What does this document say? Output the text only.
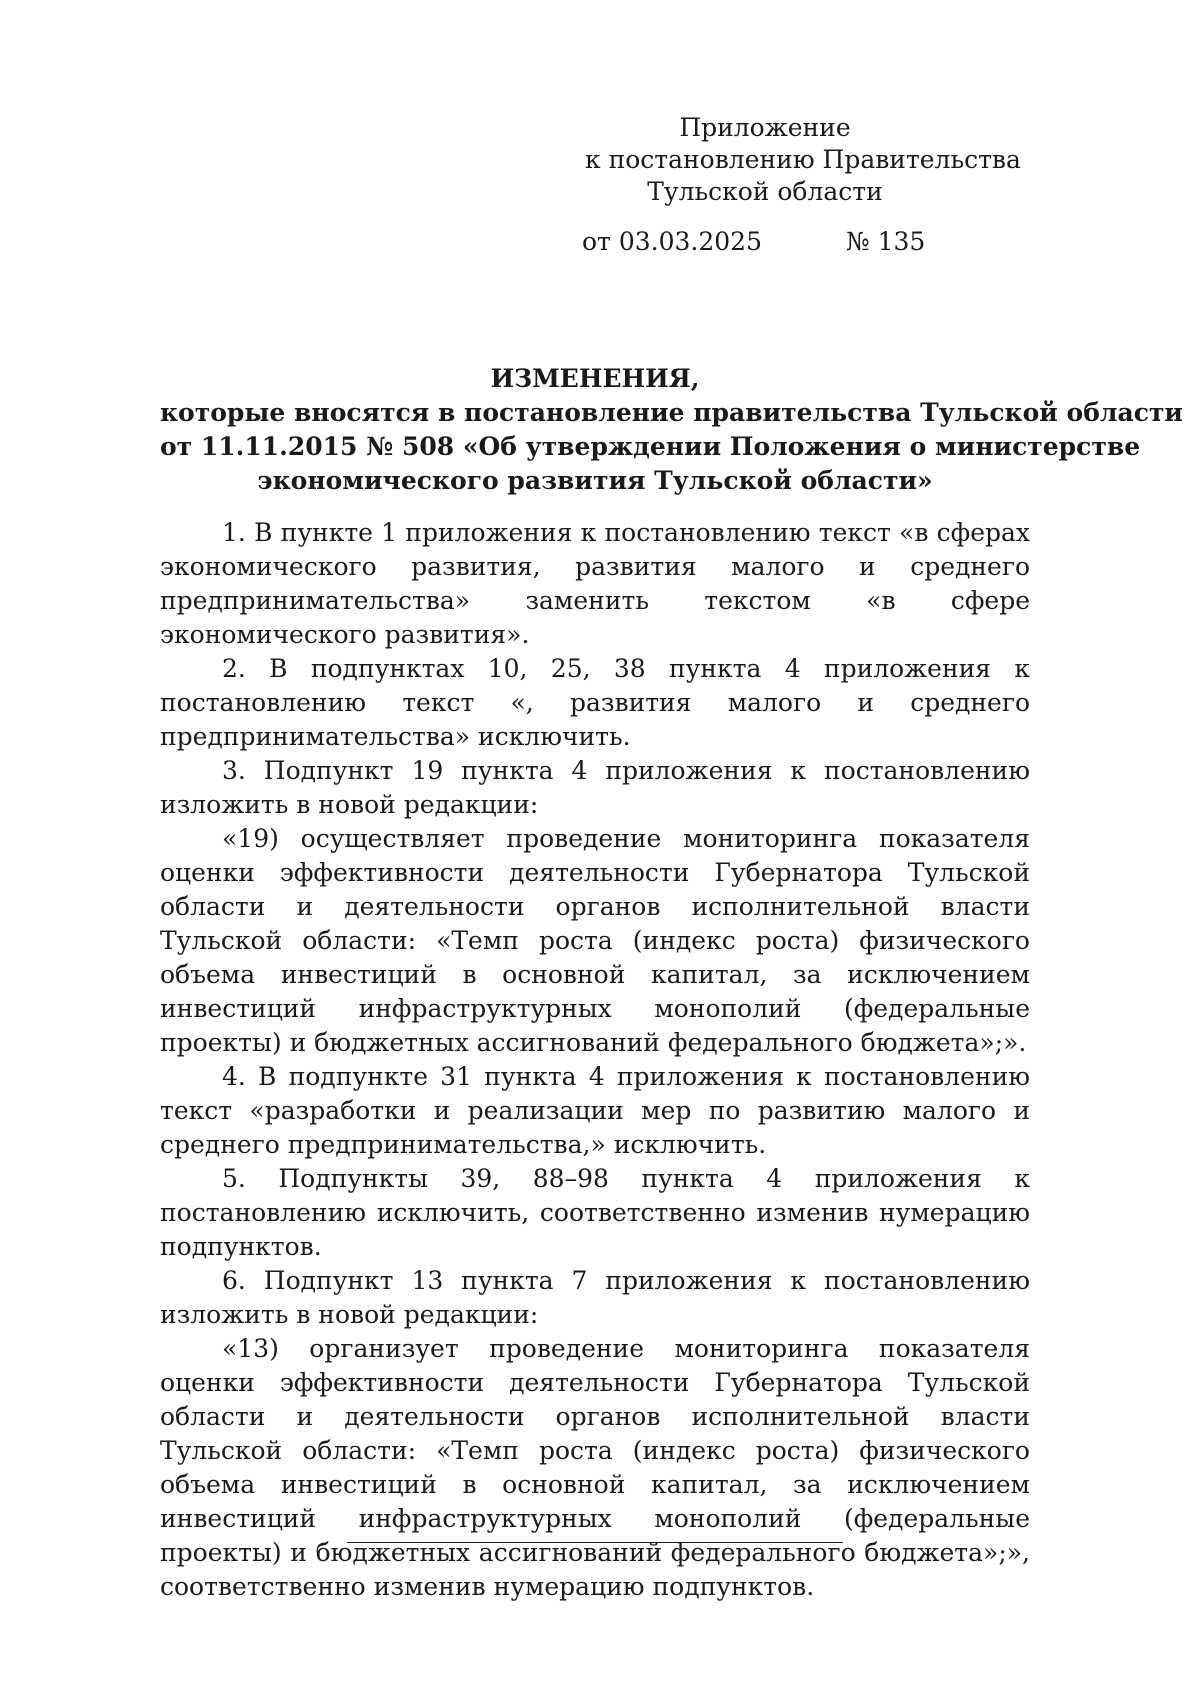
Приложение
к постановлению Правительства
Тульской области
от 03.03.2025	№ 135
ИЗМЕНЕНИЯ,
которые вносятся в постановление правительства Тульской области
от 11.11.2015 № 508 «Об утверждении Положения о министерстве
экономического развития Тульской области»

1. В пункте 1 приложения к постановлению текст «в сферах экономического развития, развития малого и среднего предпринимательства» заменить текстом «в сфере экономического развития».

2. В подпунктах 10, 25, 38 пункта 4 приложения к постановлению текст «, развития малого и среднего предпринимательства» исключить.

3. Подпункт 19 пункта 4 приложения к постановлению изложить в новой редакции:

«19) осуществляет проведение мониторинга показателя оценки эффективности деятельности Губернатора Тульской области и деятельности органов исполнительной власти Тульской области: «Темп роста (индекс роста) физического объема инвестиций в основной капитал, за исключением инвестиций инфраструктурных монополий (федеральные проекты) и бюджетных ассигнований федерального бюджета»;».

4. В подпункте 31 пункта 4 приложения к постановлению текст «разработки и реализации мер по развитию малого и среднего предпринимательства,» исключить.

5. Подпункты 39, 88–98 пункта 4 приложения к постановлению исключить, соответственно изменив нумерацию подпунктов.

6. Подпункт 13 пункта 7 приложения к постановлению изложить в новой редакции:

«13) организует проведение мониторинга показателя оценки эффективности деятельности Губернатора Тульской области и деятельности органов исполнительной власти Тульской области: «Темп роста (индекс роста) физического объема инвестиций в основной капитал, за исключением инвестиций инфраструктурных монополий (федеральные проекты) и бюджетных ассигнований федерального бюджета»;», соответственно изменив нумерацию подпунктов.
